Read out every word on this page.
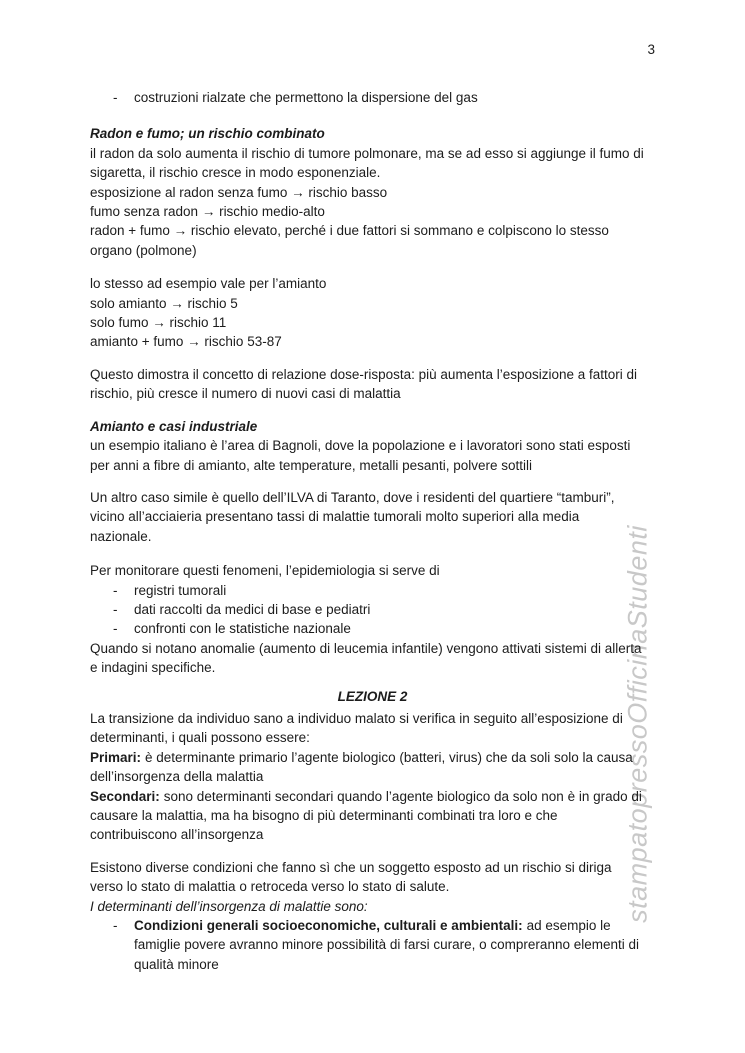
3
stampatopressoOfficinaStudenti
- costruzioni rialzate che permettono la dispersione del gas
Radon e fumo; un rischio combinato
il radon da solo aumenta il rischio di tumore polmonare, ma se ad esso si aggiunge il fumo di
sigaretta, il rischio cresce in modo esponenziale.
esposizione al radon senza fumo → rischio basso
fumo senza radon → rischio medio-alto
radon + fumo → rischio elevato, perché i due fattori si sommano e colpiscono lo stesso
organo (polmone)
lo stesso ad esempio vale per l’amianto
solo amianto → rischio 5
solo fumo → rischio 11
amianto + fumo → rischio 53-87
Questo dimostra il concetto di relazione dose-risposta: più aumenta l’esposizione a fattori di
rischio, più cresce il numero di nuovi casi di malattia
Amianto e casi industriale
un esempio italiano è l’area di Bagnoli, dove la popolazione e i lavoratori sono stati esposti
per anni a fibre di amianto, alte temperature, metalli pesanti, polvere sottili
Un altro caso simile è quello dell’ILVA di Taranto, dove i residenti del quartiere “tamburi”,
vicino all’acciaieria presentano tassi di malattie tumorali molto superiori alla media
nazionale.
Per monitorare questi fenomeni, l’epidemiologia si serve di
- registri tumorali
- dati raccolti da medici di base e pediatri
- confronti con le statistiche nazionale
Quando si notano anomalie (aumento di leucemia infantile) vengono attivati sistemi di allerta
e indagini specifiche.
LEZIONE 2
La transizione da individuo sano a individuo malato si verifica in seguito all’esposizione di
determinanti, i quali possono essere:
Primari: è determinante primario l’agente biologico (batteri, virus) che da soli solo la causa
dell’insorgenza della malattia
Secondari: sono determinanti secondari quando l’agente biologico da solo non è in grado di
causare la malattia, ma ha bisogno di più determinanti combinati tra loro e che
contribuiscono all’insorgenza
Esistono diverse condizioni che fanno sì che un soggetto esposto ad un rischio si diriga
verso lo stato di malattia o retroceda verso lo stato di salute.
I determinanti dell’insorgenza di malattie sono:
- Condizioni generali socioeconomiche, culturali e ambientali: ad esempio le
famiglie povere avranno minore possibilità di farsi curare, o compreranno elementi di
qualità minore
